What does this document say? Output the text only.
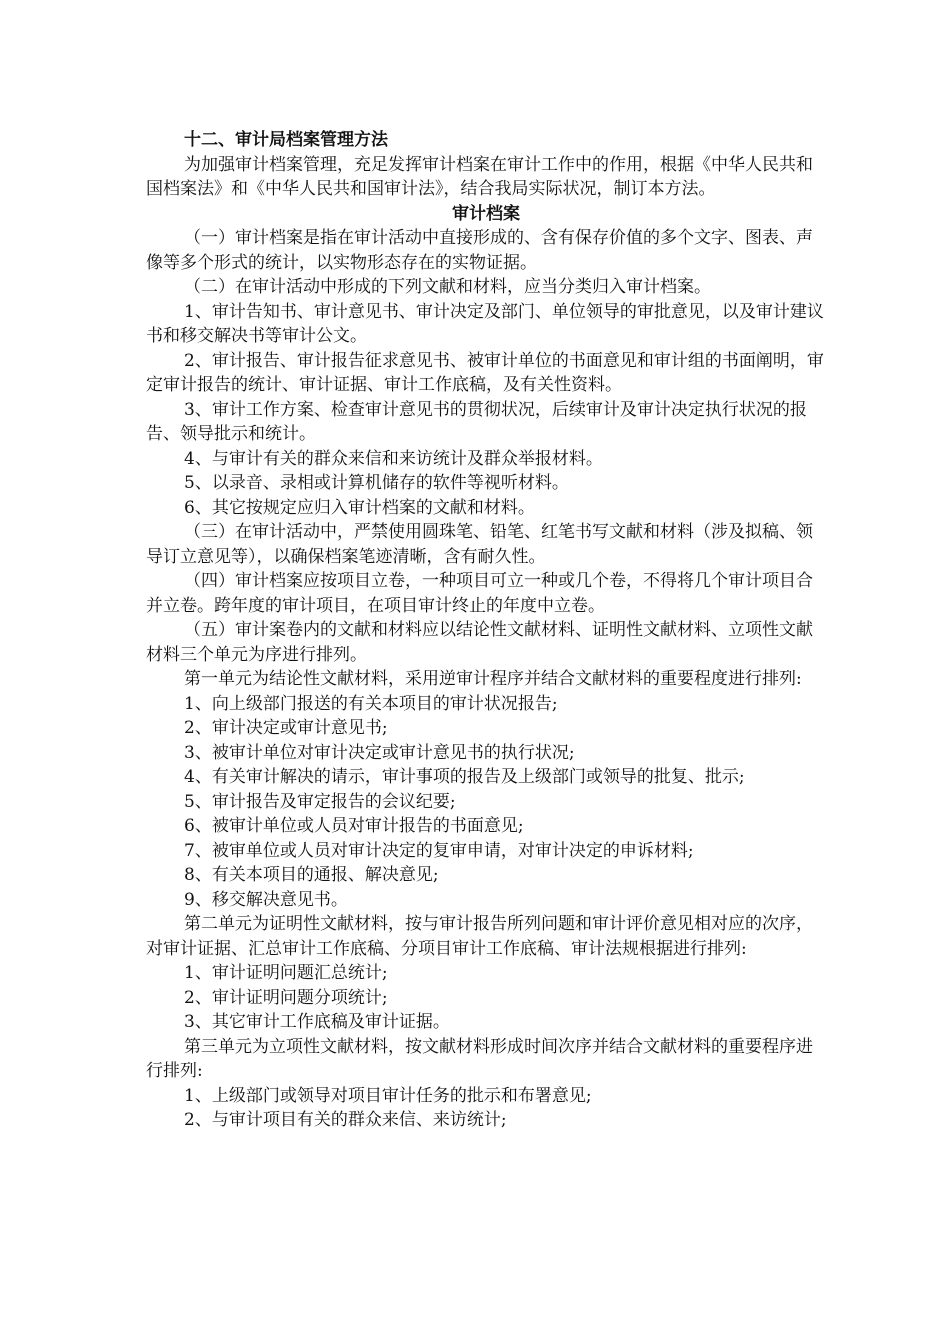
十二、审计局档案管理方法

为加强审计档案管理，充足发挥审计档案在审计工作中的作用，根据《中华人民共和国档案法》和《中华人民共和国审计法》，结合我局实际状况，制订本方法。

审计档案

（一）审计档案是指在审计活动中直接形成的、含有保存价值的多个文字、图表、声像等多个形式的统计，以实物形态存在的实物证据。

（二）在审计活动中形成的下列文献和材料，应当分类归入审计档案。

1、审计告知书、审计意见书、审计决定及部门、单位领导的审批意见，以及审计建议书和移交解决书等审计公文。

2、审计报告、审计报告征求意见书、被审计单位的书面意见和审计组的书面阐明，审定审计报告的统计、审计证据、审计工作底稿，及有关性资料。

3、审计工作方案、检查审计意见书的贯彻状况，后续审计及审计决定执行状况的报告、领导批示和统计。

4、与审计有关的群众来信和来访统计及群众举报材料。

5、以录音、录相或计算机储存的软件等视听材料。

6、其它按规定应归入审计档案的文献和材料。

（三）在审计活动中，严禁使用圆珠笔、铅笔、红笔书写文献和材料（涉及拟稿、领导订立意见等），以确保档案笔迹清晰，含有耐久性。

（四）审计档案应按项目立卷，一种项目可立一种或几个卷，不得将几个审计项目合并立卷。跨年度的审计项目，在项目审计终止的年度中立卷。

（五）审计案卷内的文献和材料应以结论性文献材料、证明性文献材料、立项性文献材料三个单元为序进行排列。

第一单元为结论性文献材料，采用逆审计程序并结合文献材料的重要程度进行排列:

1、向上级部门报送的有关本项目的审计状况报告;

2、审计决定或审计意见书;

3、被审计单位对审计决定或审计意见书的执行状况;

4、有关审计解决的请示，审计事项的报告及上级部门或领导的批复、批示;

5、审计报告及审定报告的会议纪要;

6、被审计单位或人员对审计报告的书面意见;

7、被审单位或人员对审计决定的复审申请，对审计决定的申诉材料;

8、有关本项目的通报、解决意见;

9、移交解决意见书。

第二单元为证明性文献材料，按与审计报告所列问题和审计评价意见相对应的次序，对审计证据、汇总审计工作底稿、分项目审计工作底稿、审计法规根据进行排列:

1、审计证明问题汇总统计;

2、审计证明问题分项统计;

3、其它审计工作底稿及审计证据。

第三单元为立项性文献材料，按文献材料形成时间次序并结合文献材料的重要程序进行排列:

1、上级部门或领导对项目审计任务的批示和布署意见;

2、与审计项目有关的群众来信、来访统计;
